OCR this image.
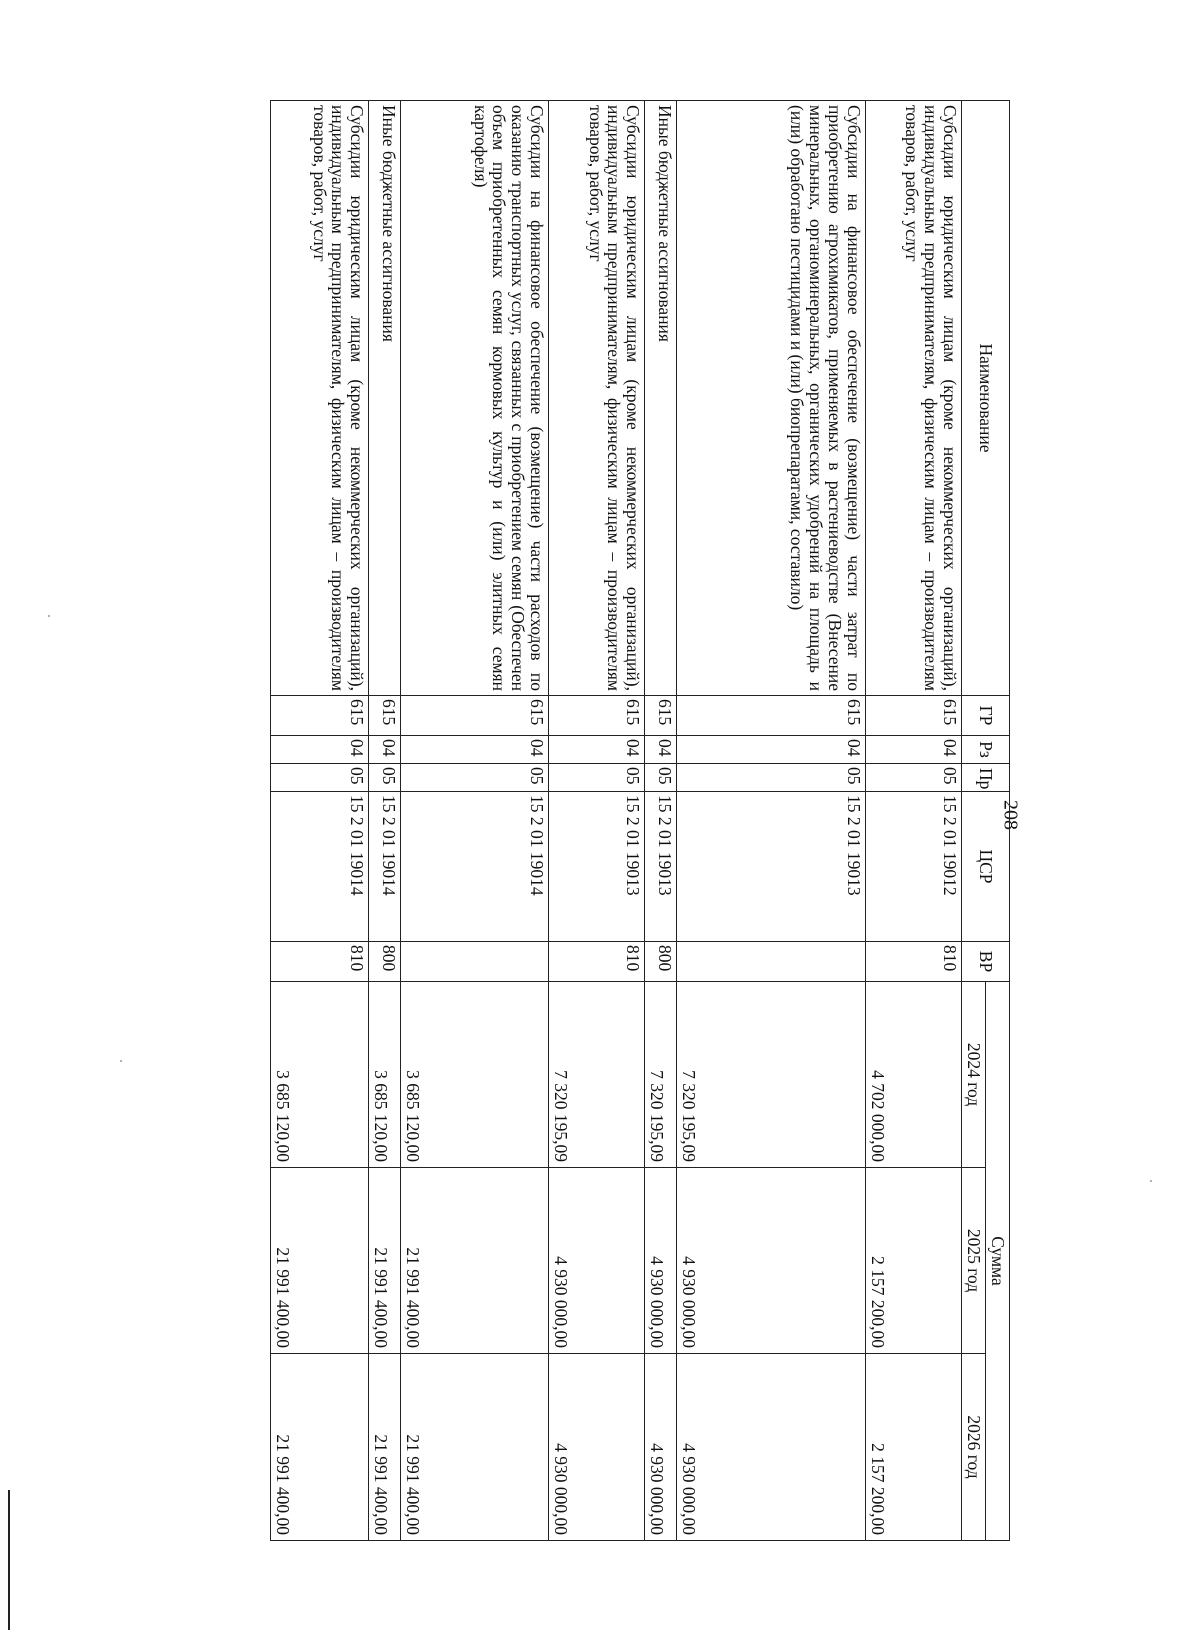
208
Наименование	ГР	Рз	Пр	ЦСР	ВР	Сумма		
						2024 год	2025 год	2026 год
Субсидии юридическим лицам (кроме некоммерческих организаций), индивидуальным предпринимателям, физическим лицам – производителям товаров, работ, услуг	615	04	05	15 2 01 19012	810	4 702 000,00	2 157 200,00	2 157 200,00
Субсидии на финансовое обеспечение (возмещение) части затрат по приобретению агрохимикатов, применяемых в растениеводстве (Внесение минеральных, органоминеральных, органических удобрений на площадь и (или) обработано пестицидами и (или) биопрепаратами, составило)	615	04	05	15 2 01 19013		7 320 195,09	4 930 000,00	4 930 000,00
Иные бюджетные ассигнования	615	04	05	15 2 01 19013	800	7 320 195,09	4 930 000,00	4 930 000,00
Субсидии юридическим лицам (кроме некоммерческих организаций), индивидуальным предпринимателям, физическим лицам – производителям товаров, работ, услуг	615	04	05	15 2 01 19013	810	7 320 195,09	4 930 000,00	4 930 000,00
Субсидии на финансовое обеспечение (возмещение) части расходов по оказанию транспортных услуг, связанных с приобретением семян (Обеспечен объем приобретенных семян кормовых культур и (или) элитных семян картофеля)	615	04	05	15 2 01 19014		3 685 120,00	21 991 400,00	21 991 400,00
Иные бюджетные ассигнования	615	04	05	15 2 01 19014	800	3 685 120,00	21 991 400,00	21 991 400,00
Субсидии юридическим лицам (кроме некоммерческих организаций), индивидуальным предпринимателям, физическим лицам – производителям товаров, работ, услуг	615	04	05	15 2 01 19014	810	3 685 120,00	21 991 400,00	21 991 400,00
